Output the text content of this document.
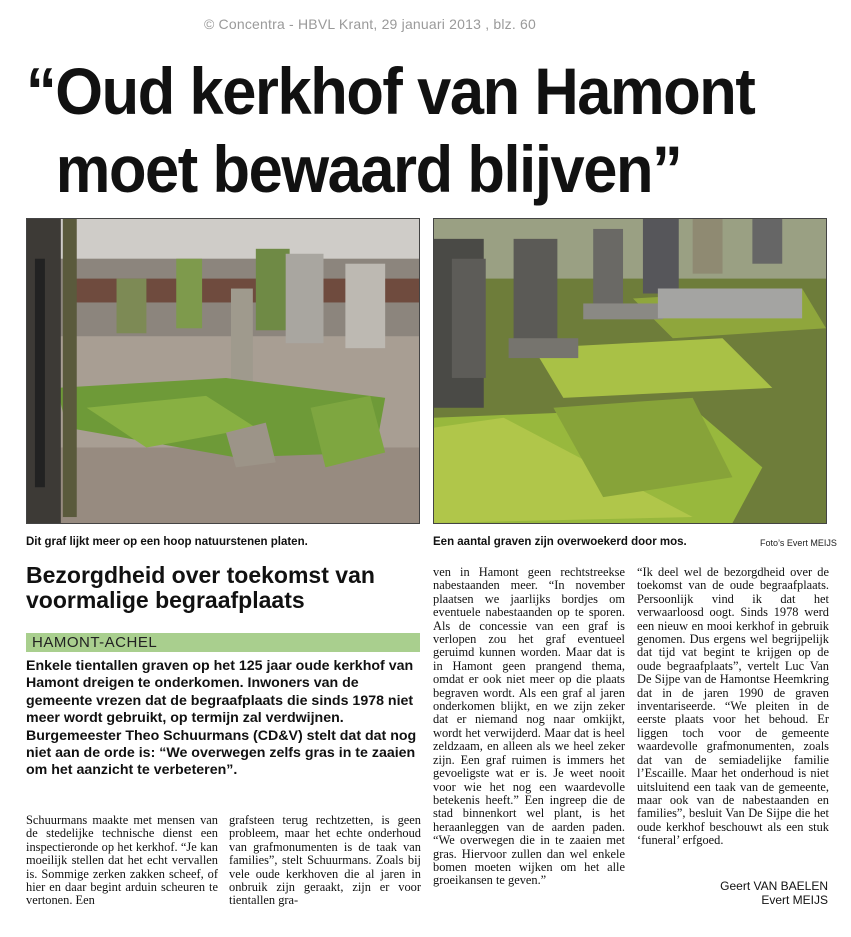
© Concentra - HBVL Krant, 29 januari 2013 , blz. 60
“Oud kerkhof van Hamont
moet bewaard blijven”
Dit graf lijkt meer op een hoop natuurstenen platen.	Een aantal graven zijn overwoekerd door mos.	Foto’s Evert MEIJS
Bezorgdheid over toekomst van voormalige begraafplaats
HAMONT-ACHEL

Enkele tientallen graven op het 125 jaar oude kerkhof van Hamont dreigen te onderkomen. Inwoners van de gemeente vrezen dat de begraafplaats die sinds 1978 niet meer wordt gebruikt, op termijn zal verdwijnen. Burgemeester Theo Schuurmans (CD&V) stelt dat dat nog niet aan de orde is: “We overwegen zelfs gras in te zaaien om het aanzicht te verbeteren”.

Schuurmans maakte met mensen van de stedelijke technische dienst een inspectieronde op het kerkhof. “Je kan moeilijk stellen dat het echt vervallen is. Sommige zerken zakken scheef, of hier en daar begint arduin scheuren te vertonen. Een

grafsteen terug rechtzetten, is geen probleem, maar het echte onderhoud van grafmonumenten is de taak van families”, stelt Schuurmans. Zoals bij vele oude kerkhoven die al jaren in onbruik zijn geraakt, zijn er voor tientallen gra-

ven in Hamont geen rechtstreekse nabestaanden meer. “In november plaatsen we jaarlijks bordjes om eventuele nabestaanden op te sporen. Als de concessie van een graf is verlopen zou het graf eventueel geruimd kunnen worden. Maar dat is in Hamont geen prangend thema, omdat er ook niet meer op die plaats begraven wordt. Als een graf al jaren onderkomen blijkt, en we zijn zeker dat er niemand nog naar omkijkt, wordt het verwijderd. Maar dat is heel zeldzaam, en alleen als we heel zeker zijn. Een graf ruimen is immers het gevoeligste wat er is. Je weet nooit voor wie het nog een waardevolle betekenis heeft.” Een ingreep die de stad binnenkort wel plant, is het heraanleggen van de aarden paden. “We overwegen die in te zaaien met gras. Hiervoor zullen dan wel enkele bomen moeten wijken om het alle groeikansen te geven.”

“Ik deel wel de bezorgdheid over de toekomst van de oude begraafplaats. Persoonlijk vind ik dat het verwaarloosd oogt. Sinds 1978 werd een nieuw en mooi kerkhof in gebruik genomen. Dus ergens wel begrijpelijk dat tijd vat begint te krijgen op de oude begraafplaats”, vertelt Luc Van De Sijpe van de Hamontse Heemkring dat in de jaren 1990 de graven inventariseerde. “We pleiten in de eerste plaats voor het behoud. Er liggen toch voor de gemeente waardevolle grafmonumenten, zoals dat van de semiadelijke familie l’Escaille. Maar het onderhoud is niet uitsluitend een taak van de gemeente, maar ook van de nabestaanden en families”, besluit Van De Sijpe die het oude kerkhof beschouwt als een stuk ‘funeral’ erfgoed.

Geert VAN BAELEN
Evert MEIJS
